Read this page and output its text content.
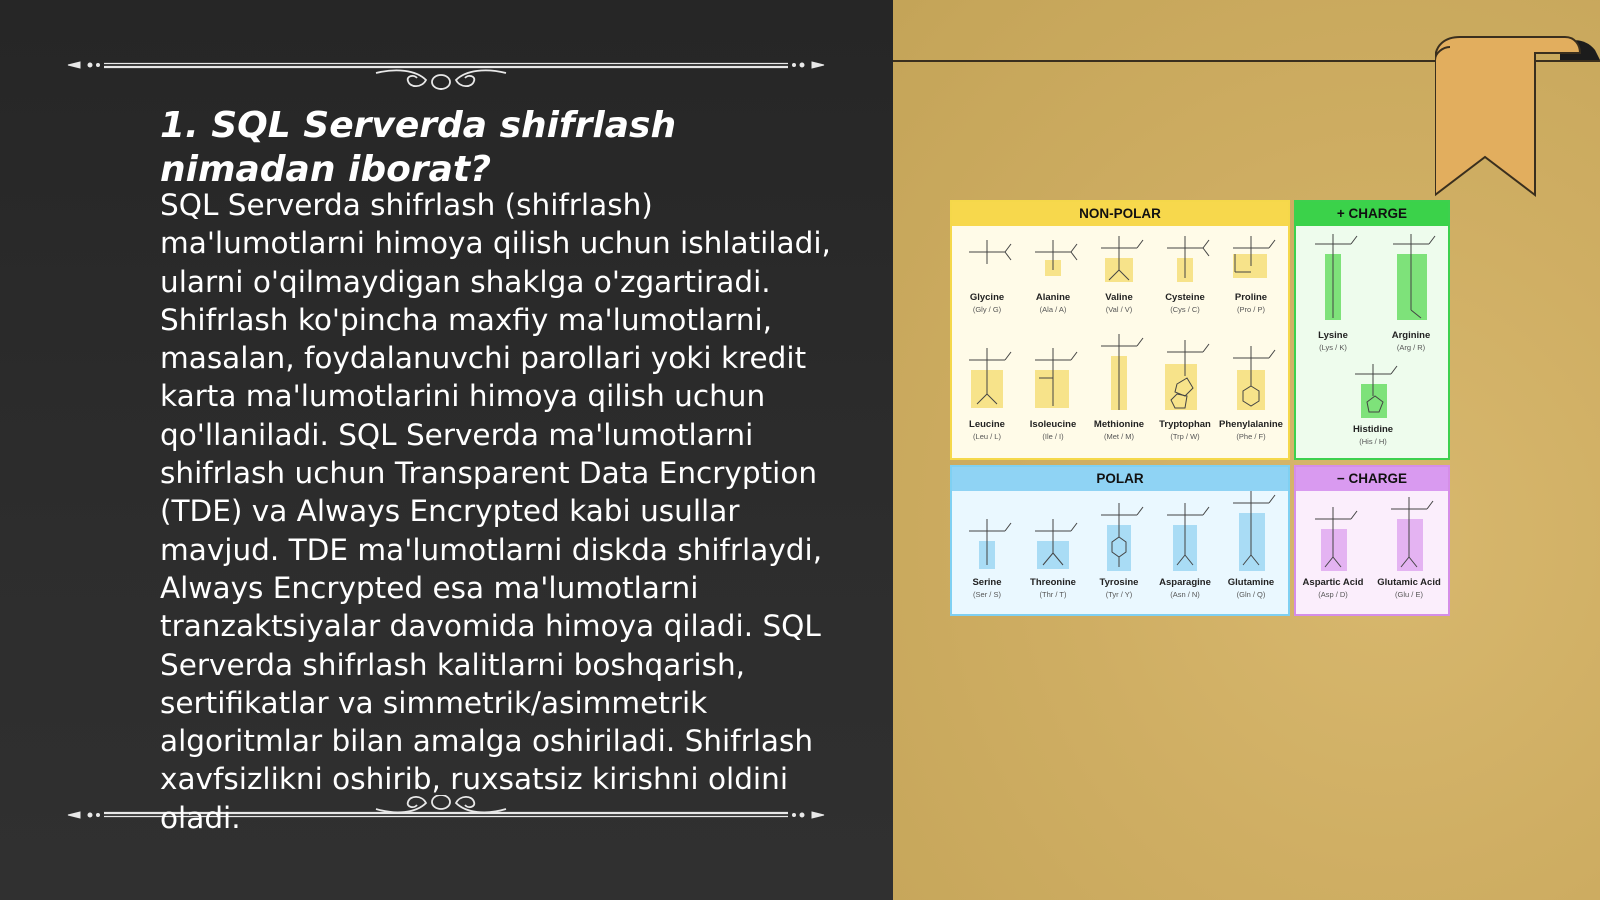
1. SQL Serverda shifrlash nimadan iborat?

SQL Serverda shifrlash (shifrlash) ma'lumotlarni himoya qilish uchun ishlatiladi, ularni o'qilmaydigan shaklga o'zgartiradi. Shifrlash ko'pincha maxfiy ma'lumotlarni, masalan, foydalanuvchi parollari yoki kredit karta ma'lumotlarini himoya qilish uchun qo'llaniladi. SQL Serverda ma'lumotlarni shifrlash uchun Transparent Data Encryption (TDE) va Always Encrypted kabi usullar mavjud. TDE ma'lumotlarni diskda shifrlaydi, Always Encrypted esa ma'lumotlarni tranzaktsiyalar davomida himoya qiladi. SQL Serverda shifrlash kalitlarni boshqarish, sertifikatlar va simmetrik/asimmetrik algoritmlar bilan amalga oshiriladi. Shifrlash xavfsizlikni oshirib, ruxsatsiz kirishni oldini oladi.

NON-POLAR
Glycine
(Gly / G)
Alanine
(Ala / A)
Valine
(Val / V)
Cysteine
(Cys / C)
Proline
(Pro / P)
Leucine
(Leu / L)
Isoleucine
(Ile / I)
Methionine
(Met / M)
Tryptophan
(Trp / W)
Phenylalanine
(Phe / F)
+ CHARGE
Lysine
(Lys / K)
Arginine
(Arg / R)
Histidine
(His / H)
POLAR
Serine
(Ser / S)
Threonine
(Thr / T)
Tyrosine
(Tyr / Y)
Asparagine
(Asn / N)
Glutamine
(Gln / Q)
− CHARGE
Aspartic Acid
(Asp / D)
Glutamic Acid
(Glu / E)
